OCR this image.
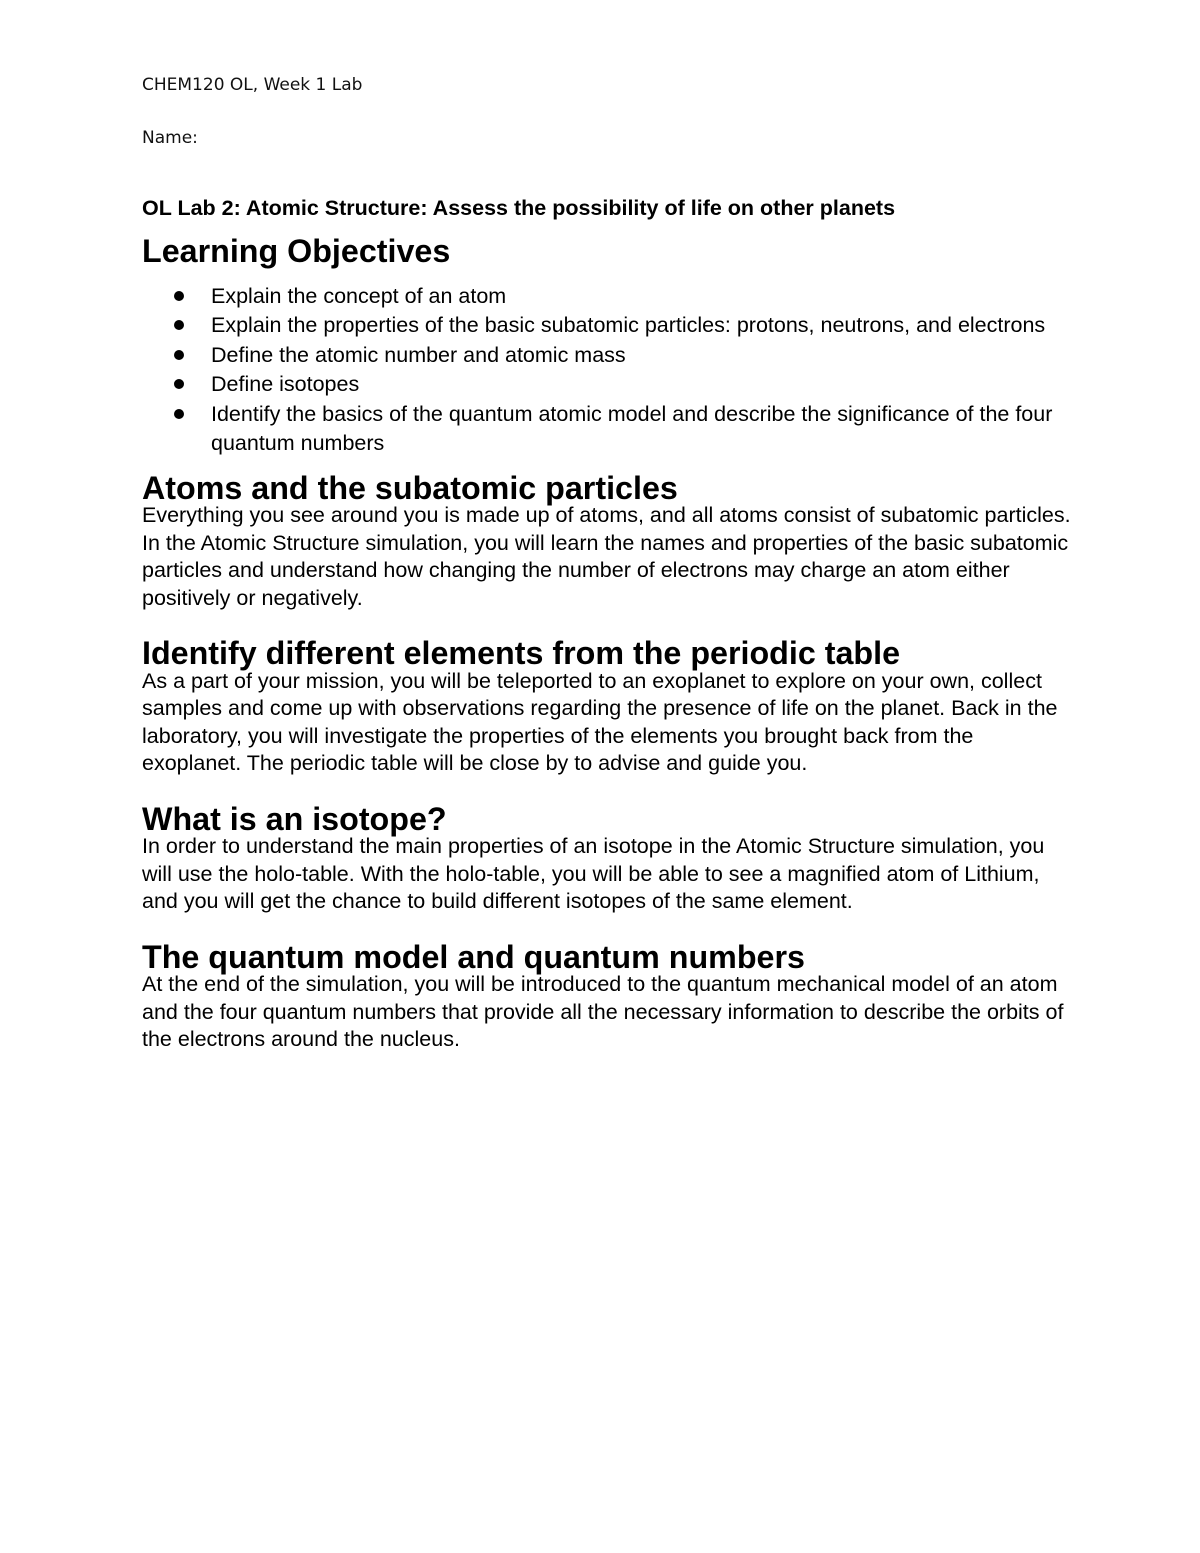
CHEM120 OL, Week 1 Lab
Name:
OL Lab 2: Atomic Structure: Assess the possibility of life on other planets
Learning Objectives
Explain the concept of an atom
Explain the properties of the basic subatomic particles: protons, neutrons, and electrons
Define the atomic number and atomic mass
Define isotopes
Identify the basics of the quantum atomic model and describe the significance of the four quantum numbers
Atoms and the subatomic particles

Everything you see around you is made up of atoms, and all atoms consist of subatomic particles. In the Atomic Structure simulation, you will learn the names and properties of the basic subatomic particles and understand how changing the number of electrons may charge an atom either positively or negatively.

Identify different elements from the periodic table

As a part of your mission, you will be teleported to an exoplanet to explore on your own, collect samples and come up with observations regarding the presence of life on the planet. Back in the laboratory, you will investigate the properties of the elements you brought back from the exoplanet. The periodic table will be close by to advise and guide you.

What is an isotope?

In order to understand the main properties of an isotope in the Atomic Structure simulation, you will use the holo-table. With the holo-table, you will be able to see a magnified atom of Lithium, and you will get the chance to build different isotopes of the same element.

The quantum model and quantum numbers

At the end of the simulation, you will be introduced to the quantum mechanical model of an atom and the four quantum numbers that provide all the necessary information to describe the orbits of the electrons around the nucleus.
